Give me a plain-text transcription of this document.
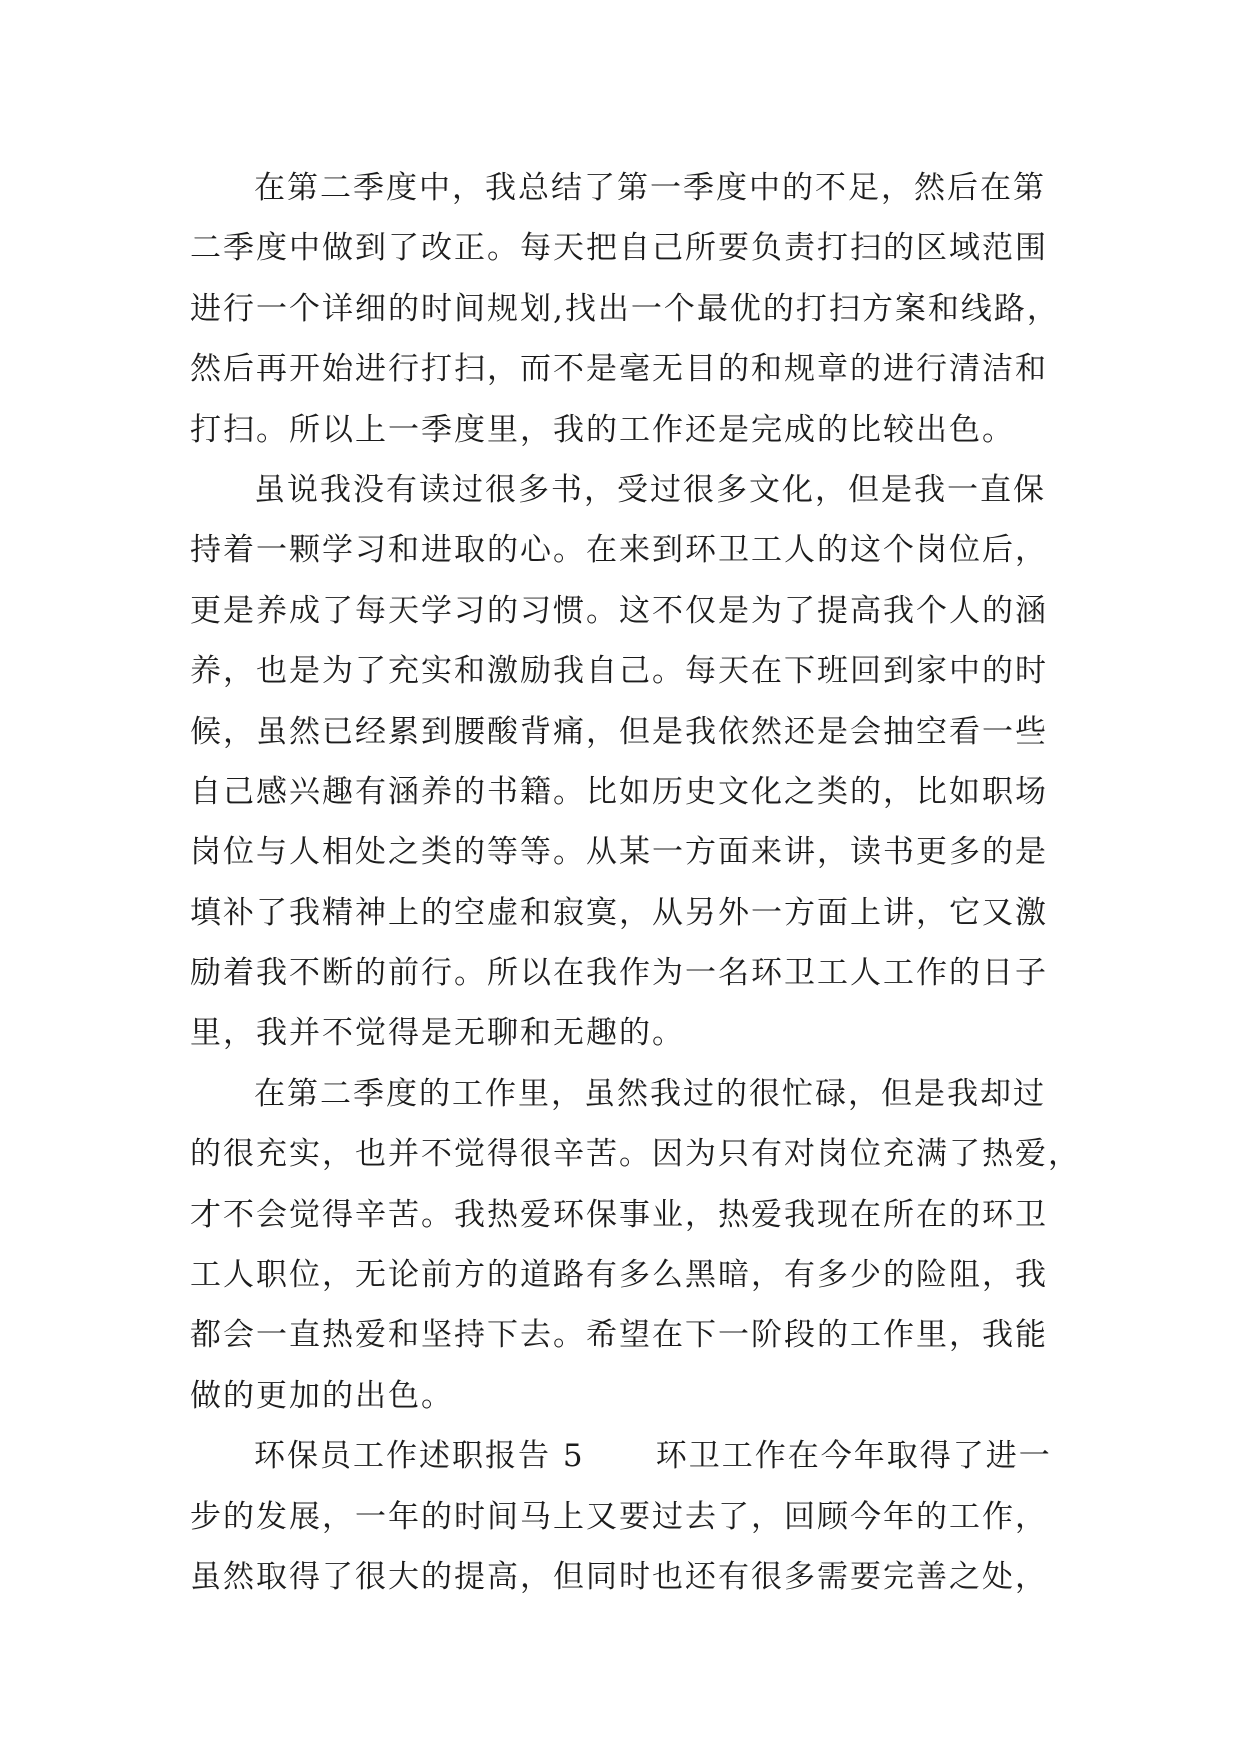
在第二季度中，我总结了第一季度中的不足，然后在第
二季度中做到了改正。每天把自己所要负责打扫的区域范围
进行一个详细的时间规划,找出一个最优的打扫方案和线路，
然后再开始进行打扫，而不是毫无目的和规章的进行清洁和
打扫。所以上一季度里，我的工作还是完成的比较出色。
虽说我没有读过很多书，受过很多文化，但是我一直保
持着一颗学习和进取的心。在来到环卫工人的这个岗位后，
更是养成了每天学习的习惯。这不仅是为了提高我个人的涵
养，也是为了充实和激励我自己。每天在下班回到家中的时
候，虽然已经累到腰酸背痛，但是我依然还是会抽空看一些
自己感兴趣有涵养的书籍。比如历史文化之类的，比如职场
岗位与人相处之类的等等。从某一方面来讲，读书更多的是
填补了我精神上的空虚和寂寞，从另外一方面上讲，它又激
励着我不断的前行。所以在我作为一名环卫工人工作的日子
里，我并不觉得是无聊和无趣的。
在第二季度的工作里，虽然我过的很忙碌，但是我却过
的很充实，也并不觉得很辛苦。因为只有对岗位充满了热爱，
才不会觉得辛苦。我热爱环保事业，热爱我现在所在的环卫
工人职位，无论前方的道路有多么黑暗，有多少的险阻，我
都会一直热爱和坚持下去。希望在下一阶段的工作里，我能
做的更加的出色。
环保员工作述职报告 5      环卫工作在今年取得了进一
步的发展，一年的时间马上又要过去了，回顾今年的工作，
虽然取得了很大的提高，但同时也还有很多需要完善之处，
